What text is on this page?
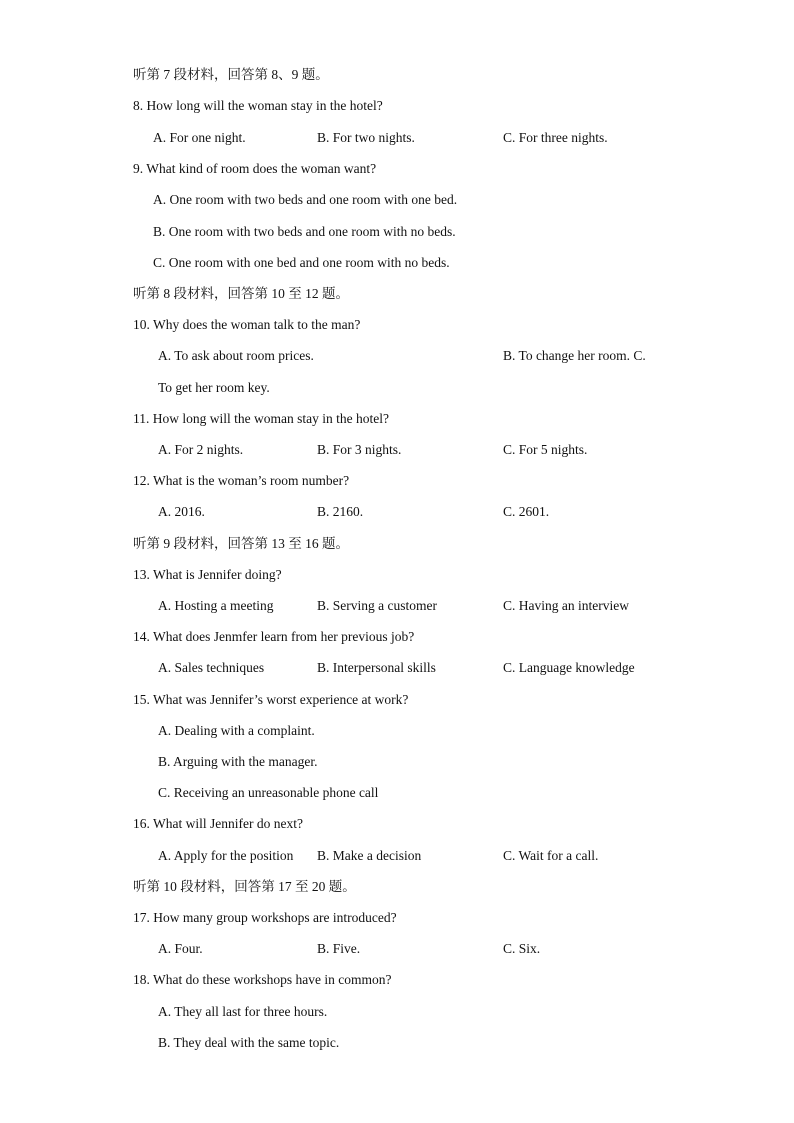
听第 7 段材料，回答第 8、9 题。
8. How long will the woman stay in the hotel?
A. For one night.	B. For two nights.	C. For three nights.
9. What kind of room does the woman want?
A. One room with two beds and one room with one bed.
B. One room with two beds and one room with no beds.
C. One room with one bed and one room with no beds.
听第 8 段材料，回答第 10 至 12 题。
10. Why does the woman talk to the man?
A. To ask about room prices.	B. To change her room. C.
To get her room key.
11. How long will the woman stay in the hotel?
A. For 2 nights.	B. For 3 nights.	C. For 5 nights.
12. What is the woman’s room number?
A. 2016.	B. 2160.	C. 2601.
听第 9 段材料，回答第 13 至 16 题。
13. What is Jennifer doing?
A. Hosting a meeting	B. Serving a customer	C. Having an interview
14. What does Jenmfer learn from her previous job?
A. Sales techniques	B. Interpersonal skills	C. Language knowledge
15. What was Jennifer’s worst experience at work?
A. Dealing with a complaint.
B. Arguing with the manager.
C. Receiving an unreasonable phone call
16. What will Jennifer do next?
A. Apply for the position B. Make a decision	C. Wait for a call.
听第 10 段材料，回答第 17 至 20 题。
17. How many group workshops are introduced?
A. Four.	B. Five.	C. Six.
18. What do these workshops have in common?
A. They all last for three hours.
B. They deal with the same topic.
